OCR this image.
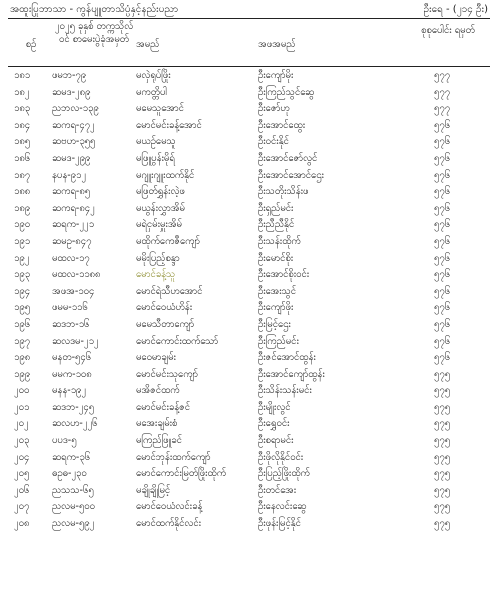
အထူးပြုဘာသာ - ကွန်ပျူတာသိပ္ပံနှင့်နည်းပညာ	ဦးရေ - (၂၁၄ ဦး)
စဉ်
၂၀၂၅ ခုနှစ် တက္ကသိုလ်ဝင် စာမေးပွဲခုံအမှတ် အမည်	အဖအမည်
စုစုပေါင်း ရမှတ်
၁၈၁	ဖမဘ-၇၉	မလှဲရုပ်ဖြိုး	ဦးကျော်မိုး	၅၇၇
၁၈၂	ဆမဒ-၂၈၉	မကတ္တိပါ	ဦးကြည်သွင်ဆွေ	၅၇၇
၁၈၃	ညဘလ-၁၃၉	မမေသူအောင်	ဦးဇော်ဟု	၅၇၇
၁၈၄	ဆကရ-၄၇၂	မောင်မင်းခန့်အောင်	ဦးအောင်ထွေး	၅၇၆
၁၈၅	ဆဗဟ-၃၅၅	မယဉ်မေသူ	ဦးဝင်းနိုင်	၅၇၆
၁၈၆	ဆမဒ-၂၉၉	မဖြူပွန်းမိုရ်	ဦးအောင်ဇော်လွင်	၅၇၆
၁၈၇	နပန-၉၁၂	မဂျူးဂျူးထက်နိုင်	ဦးအောင်အောင်ဌေး	၅၇၆
၁၈၈	ဆကရ-၈၅	မဖြတ်ရွှန်းလဲ့ဖ	ဦးသတိုးသိန်းဖ	၅၇၆
၁၈၉	ဆကရ-၈၄၂	မယွန်းလွှာအိမ်	ဦးရှည်မင်း	၅၇၆
၁၉၀	ဆရက-၂၂၁	မရဲငှမ်းမှူးအိမ်	ဦးညီညီနိုင်	၅၇၆
၁၉၁	ဆမဥ-၈၄၇	မထိုက်ကေဇီကျော်	ဦးသန်းထိုက်	၅၇၆
၁၉၂	မထလ-၁၇	မမိုးပြည့်စန္ဒာ	ဦးမောင်စိုး	၅၇၆
၁၉၃	မထလ-၁၁၈၈	မောင်ခန့်သူ	ဦးအောင်စိုးဝင်း	၅၇၆
၁၉၄	အဖအ-၁၀၄	မောင်ရဲသီဟအောင်	ဦးအေးသွင်	၅၇၆
၁၉၅	ဖမမ-၁၁၆	မောင်ဝေယံဟိန်း	ဦးကျော်ဖိုး	၅၇၆
၁၉၆	ဆဒဘ-၁၆	မမေသီတာကျော်	ဦးမြင့်ဌေး	၅၇၆
၁၉၇	ဆလဒမ-၂၁၂	မောင်ကောင်းထက်သော်	ဦးကြည်မင်း	၅၇၆
၁၉၈	မနတ-၅၄၆	မဝေမာချမ်း	ဦးဇင်အောင်ထွန်း	၅၇၆
၁၉၉	မမက-၁၀၈	မောင်မင်းသုကျော်	ဦးအောင်ကျော်ထွန်း	၅၇၅
၂၀၀	မနန-၁၉၂	မအိဇင်ထက်	ဦးသိန်းသန်းမင်း	၅၇၅
၂၀၁	ဆဒဘ-၂၄၅	မောင်မင်းခန့်ဇင်	ဦးမျိုးလွင်	၅၇၅
၂၀၂	ဆလဟ-၂၂၆	မအေးချမ်းစံ	ဦးရွှေဝင်း	၅၇၅
၂၀၃	ပပဒ-၅	မကြည်ဖြူခင်	ဦးစရာမင်း	၅၇၅
၂၀၄	ဆရက-၃၆	မောင်ဘုန်းထက်ကျော်	ဦးဖိုလိုနိုင်ဝင်း	၅၇၅
၂၀၅	ဓဥဓ-၂၃၀	မောင်ကောင်းမြတ်ဖြိုးထိုက်	ဦးပြည့်ဖြိုးထိုက်	၅၇၅
၂၀၆	ညသသ-၆၅	မချိုချိုမြင့်	ဦးတင်အေး	၅၇၅
၂၀၇	ညလမ-၅၀၀	မောင်ဝေယံလင်းခန့်	ဦးနေလင်းဆွေ	၅၇၅
၂၀၈	ညလမ-၅၉၂	မောင်ထက်နိုင်လင်း	ဦးဖုန်းမြင့်နိုင်	၅၇၅
